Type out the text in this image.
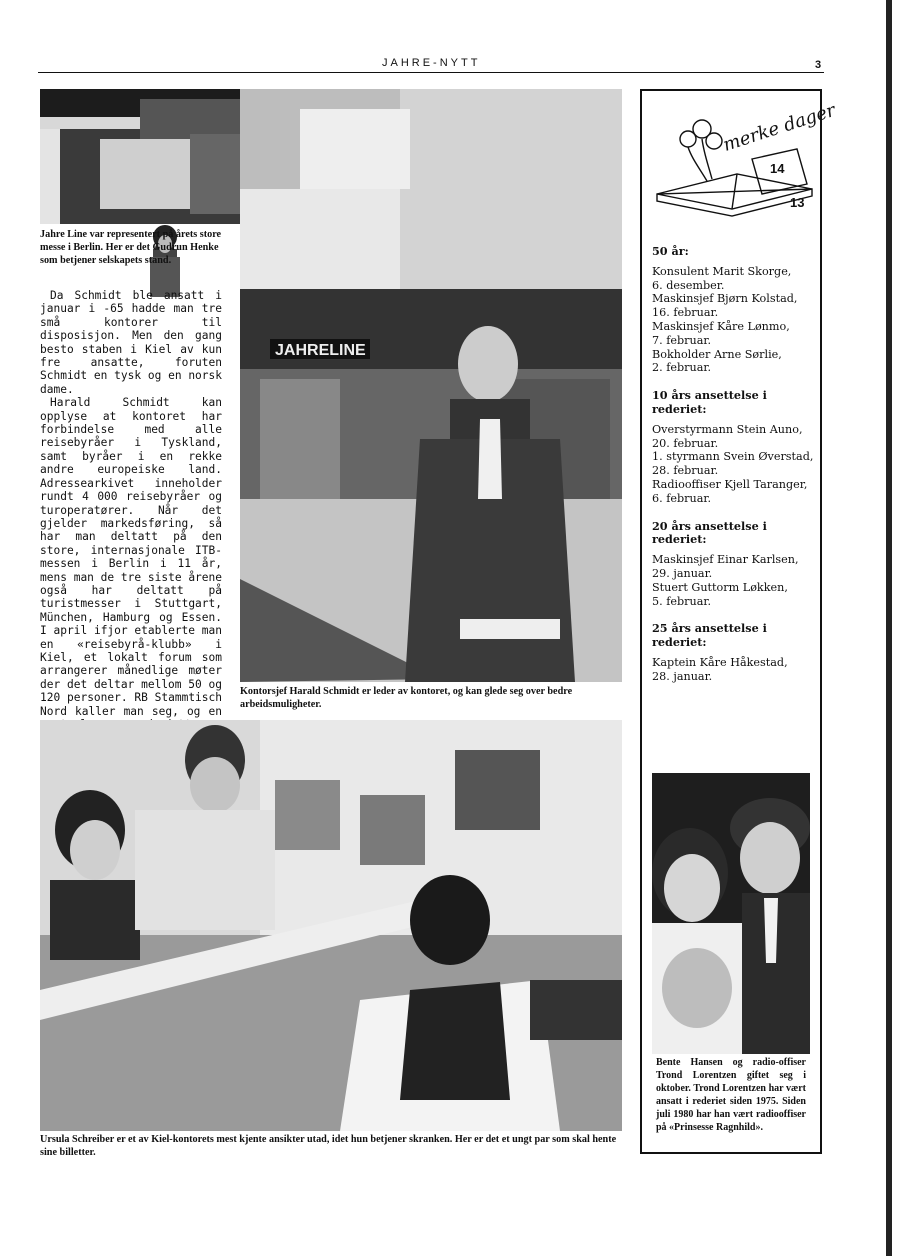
JAHRE-NYTT	3
Jahre Line var representert på årets store messe i Berlin. Her er det Gudrun Henke som betjener selskapets stand.
JAHRELINE
Kontorsjef Harald Schmidt er leder av kontoret, og kan glede seg over bedre arbeidsmuligheter.

Da Schmidt ble ansatt i januar i -65 hadde man tre små kontorer til disposisjon. Men den gang besto staben i Kiel av kun fre ansatte, foruten Schmidt en tysk og en norsk dame.

Harald Schmidt kan opplyse at kontoret har forbindelse med alle reisebyråer i Tyskland, samt byråer i en rekke andre europeiske land. Adressearkivet inneholder rundt 4 000 reisebyråer og turoperatører. Når det gjelder markedsføring, så har man deltatt på den store, internasjonale ITB-messen i Berlin i 11 år, mens man de tre siste årene også har deltatt på turistmesser i Stuttgart, München, Hamburg og Essen. I april ifjor etablerte man en «reisebyrå-klubb» i Kiel, et lokalt forum som arrangerer månedlige møter der det deltar mellom 50 og 120 personer. RB Stammtisch Nord kaller man seg, og en

Ursula Schreiber er et av Kiel-kontorets mest kjente ansikter utad, idet hun betjener skranken. Her er det et ungt par som skal hente sine billetter.
merke dager
14
13
50 år:
Konsulent Marit Skorge,
6. desember.
Maskinsjef Bjørn Kolstad,
16. februar.
Maskinsjef Kåre Lønmo,
7. februar.
Bokholder Arne Sørlie,
2. februar.
10 års ansettelse i rederiet:
Overstyrmann Stein Auno,
20. februar.
1. styrmann Svein Øverstad,
28. februar.
Radiooffiser Kjell Taranger,
6. februar.
20 års ansettelse i rederiet:
Maskinsjef Einar Karlsen,
29. januar.
Stuert Guttorm Løkken,
5. februar.
25 års ansettelse i rederiet:
Kaptein Kåre Håkestad,
28. januar.
Bente Hansen og radio-offiser Trond Lorentzen giftet seg i oktober. Trond Lorentzen har vært ansatt i rederiet siden 1975. Siden juli 1980 har han vært radiooffiser på «Prinsesse Ragnhild».
